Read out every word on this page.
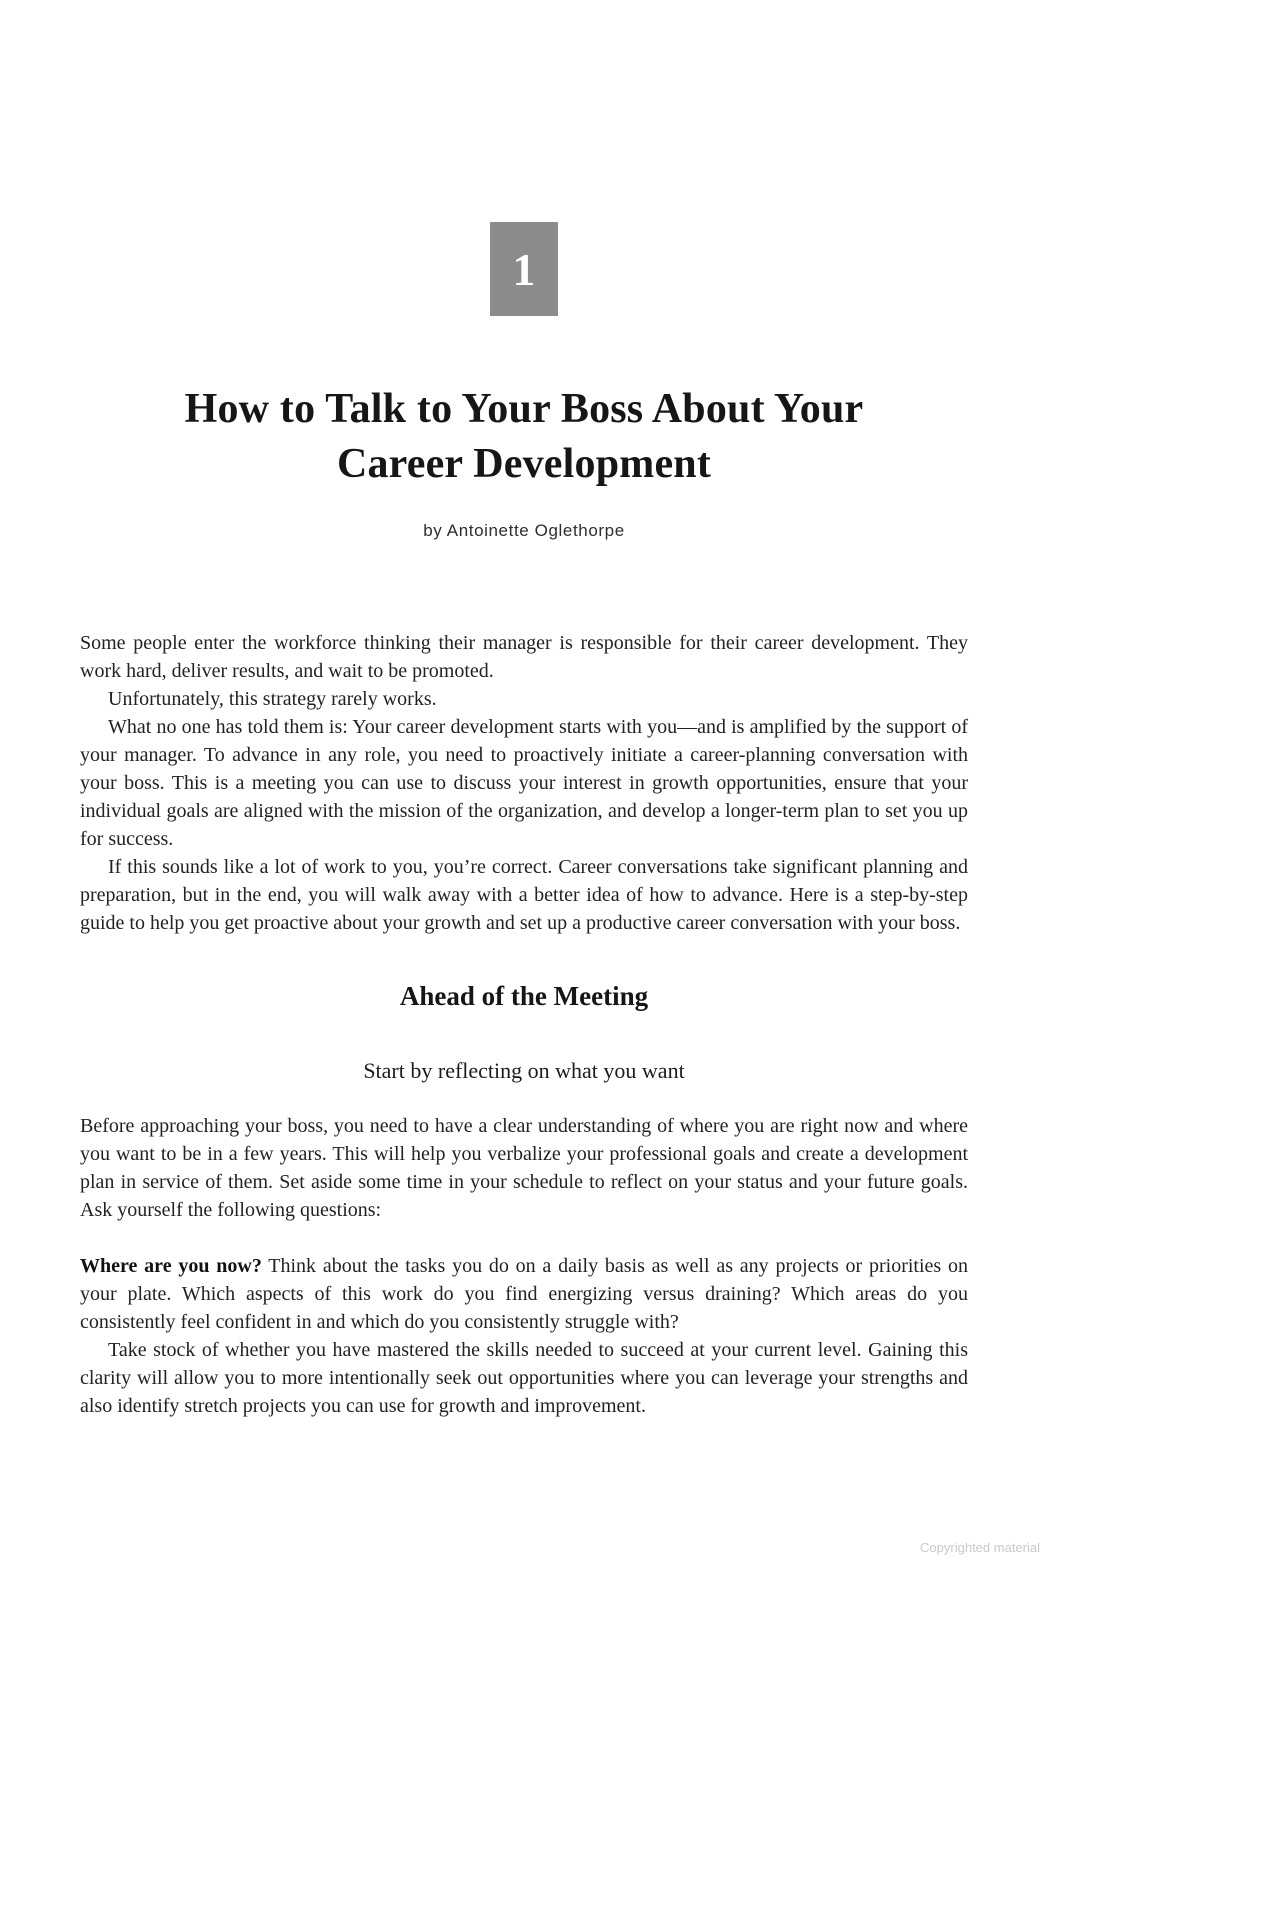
1
How to Talk to Your Boss About Your
Career Development
by Antoinette Oglethorpe

Some people enter the workforce thinking their manager is responsible for their career development. They work hard, deliver results, and wait to be promoted.

Unfortunately, this strategy rarely works.

What no one has told them is: Your career development starts with you—and is amplified by the support of your manager. To advance in any role, you need to proactively initiate a career-planning conversation with your boss. This is a meeting you can use to discuss your interest in growth opportunities, ensure that your individual goals are aligned with the mission of the organization, and develop a longer-term plan to set you up for success.

If this sounds like a lot of work to you, you’re correct. Career conversations take significant planning and preparation, but in the end, you will walk away with a better idea of how to advance. Here is a step-by-step guide to help you get proactive about your growth and set up a productive career conversation with your boss.

Ahead of the Meeting
Start by reflecting on what you want

Before approaching your boss, you need to have a clear understanding of where you are right now and where you want to be in a few years. This will help you verbalize your professional goals and create a development plan in service of them. Set aside some time in your schedule to reflect on your status and your future goals. Ask yourself the following questions:

Where are you now? Think about the tasks you do on a daily basis as well as any projects or priorities on your plate. Which aspects of this work do you find energizing versus draining? Which areas do you consistently feel confident in and which do you consistently struggle with?

Take stock of whether you have mastered the skills needed to succeed at your current level. Gaining this clarity will allow you to more intentionally seek out opportunities where you can leverage your strengths and also identify stretch projects you can use for growth and improvement.

Copyrighted material
